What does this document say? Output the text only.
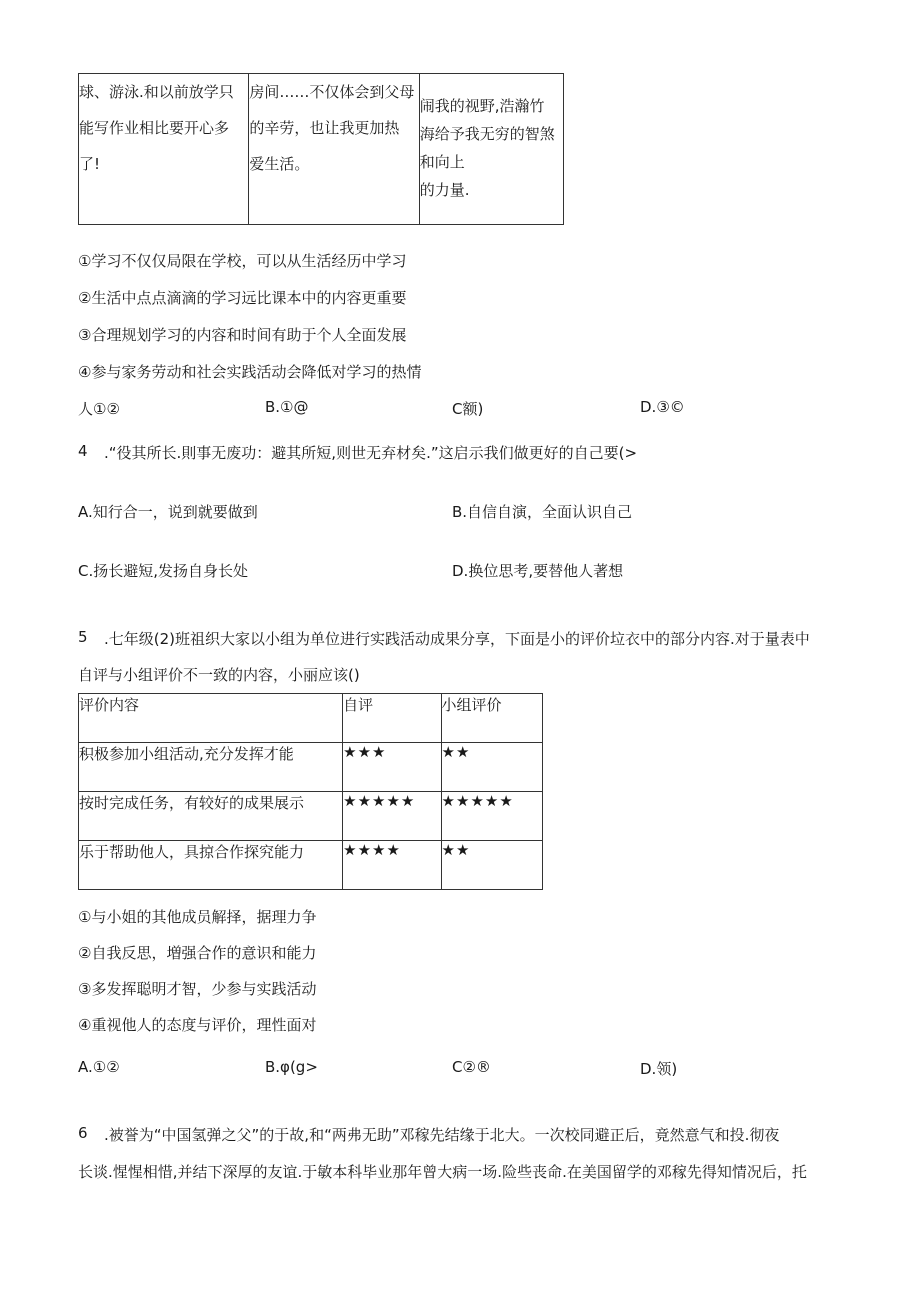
球、游泳.和以前放学只
能写作业相比要开心多
了!

房间……不仅体会到父母
的辛劳，也让我更加热
爱生活。

闹我的视野,浩瀚竹
海给予我无穷的智煞
和向上
的力量.
①学习不仅仅局限在学校，可以从生活经历中学习
②生活中点点滴滴的学习远比课本中的内容更重要
③合理规划学习的内容和时间有助于个人全面发展
④参与家务劳动和社会实践活动会降低对学习的热情
人①②	B.①@	C额)	D.③©
4 .“役其所长.則事无废功：避其所短,则世无弃材矣.”这启示我们做更好的自己要(>
A.知行合一，说到就要做到	B.自信自演，全面认识自己
C.扬长避短,发扬自身长处	D.换位思考,要替他人著想
5 .七年级(2)班祖织大家以小组为单位进行实践活动成果分享，下面是小的评价垃衣中的部分内容.对于量表中
自评与小组评价不一致的内容，小丽应该()
评价内容	自评	小组评价
积极参加小组活动,充分发挥才能	★★★	★★
按时完成任务，有较好的成果展示	★★★★★	★★★★★
乐于帮助他人，具掠合作探究能力	★★★★	★★
①与小姐的其他成员解择，据理力争
②自我反思，増强合作的意识和能力
③多发挥聪明才智，少参与实践活动
④重视他人的态度与评价，理性面对
A.①②	B.φ(g>	C②®	D.领)
6 .被誉为“中国氢弹之父”的于故,和“两弗无助”邓稼先结缘于北大。一次校同避正后，竟然意气和投.彻夜
长谈.惺惺相惜,并结下深厚的友谊.于敏本科毕业那年曾大病一场.险些丧命.在美国留学的邓稼先得知情况后，托
